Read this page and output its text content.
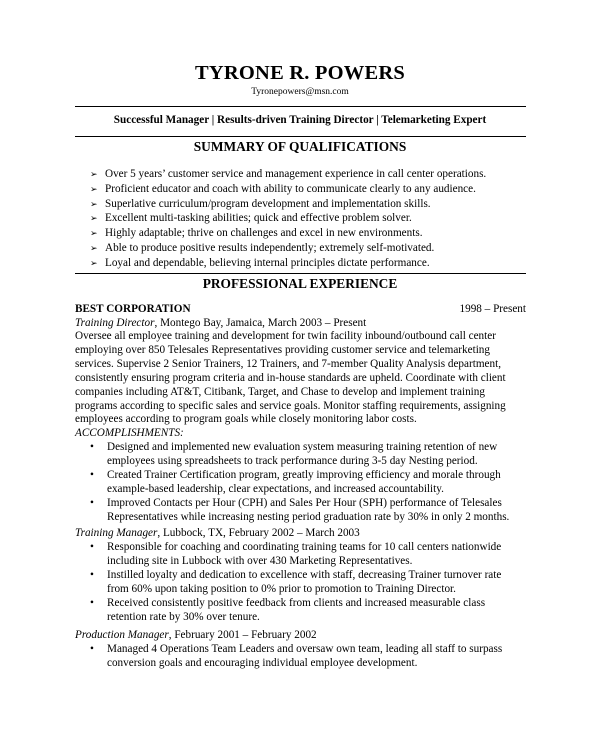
TYRONE R. POWERS
Tyronepowers@msn.com
Successful Manager | Results-driven Training Director | Telemarketing Expert
SUMMARY OF QUALIFICATIONS
➢ Over 5 years’ customer service and management experience in call center operations.
➢ Proficient educator and coach with ability to communicate clearly to any audience.
➢ Superlative curriculum/program development and implementation skills.
➢ Excellent multi-tasking abilities; quick and effective problem solver.
➢ Highly adaptable; thrive on challenges and excel in new environments.
➢ Able to produce positive results independently; extremely self-motivated.
➢ Loyal and dependable, believing internal principles dictate performance.
PROFESSIONAL EXPERIENCE
BEST CORPORATION	1998 – Present
Training Director, Montego Bay, Jamaica, March 2003 – Present
Oversee all employee training and development for twin facility inbound/outbound call center
employing over 850 Telesales Representatives providing customer service and telemarketing
services. Supervise 2 Senior Trainers, 12 Trainers, and 7-member Quality Analysis department,
consistently ensuring program criteria and in-house standards are upheld. Coordinate with client
companies including AT&T, Citibank, Target, and Chase to develop and implement training
programs according to specific sales and service goals. Monitor staffing requirements, assigning
employees according to program goals while closely monitoring labor costs.
ACCOMPLISHMENTS:
• Designed and implemented new evaluation system measuring training retention of new
employees using spreadsheets to track performance during 3-5 day Nesting period.
• Created Trainer Certification program, greatly improving efficiency and morale through
example-based leadership, clear expectations, and increased accountability.
• Improved Contacts per Hour (CPH) and Sales Per Hour (SPH) performance of Telesales
Representatives while increasing nesting period graduation rate by 30% in only 2 months.
Training Manager, Lubbock, TX, February 2002 – March 2003
• Responsible for coaching and coordinating training teams for 10 call centers nationwide
including site in Lubbock with over 430 Marketing Representatives.
• Instilled loyalty and dedication to excellence with staff, decreasing Trainer turnover rate
from 60% upon taking position to 0% prior to promotion to Training Director.
• Received consistently positive feedback from clients and increased measurable class
retention rate by 30% over tenure.
Production Manager, February 2001 – February 2002
• Managed 4 Operations Team Leaders and oversaw own team, leading all staff to surpass
conversion goals and encouraging individual employee development.
